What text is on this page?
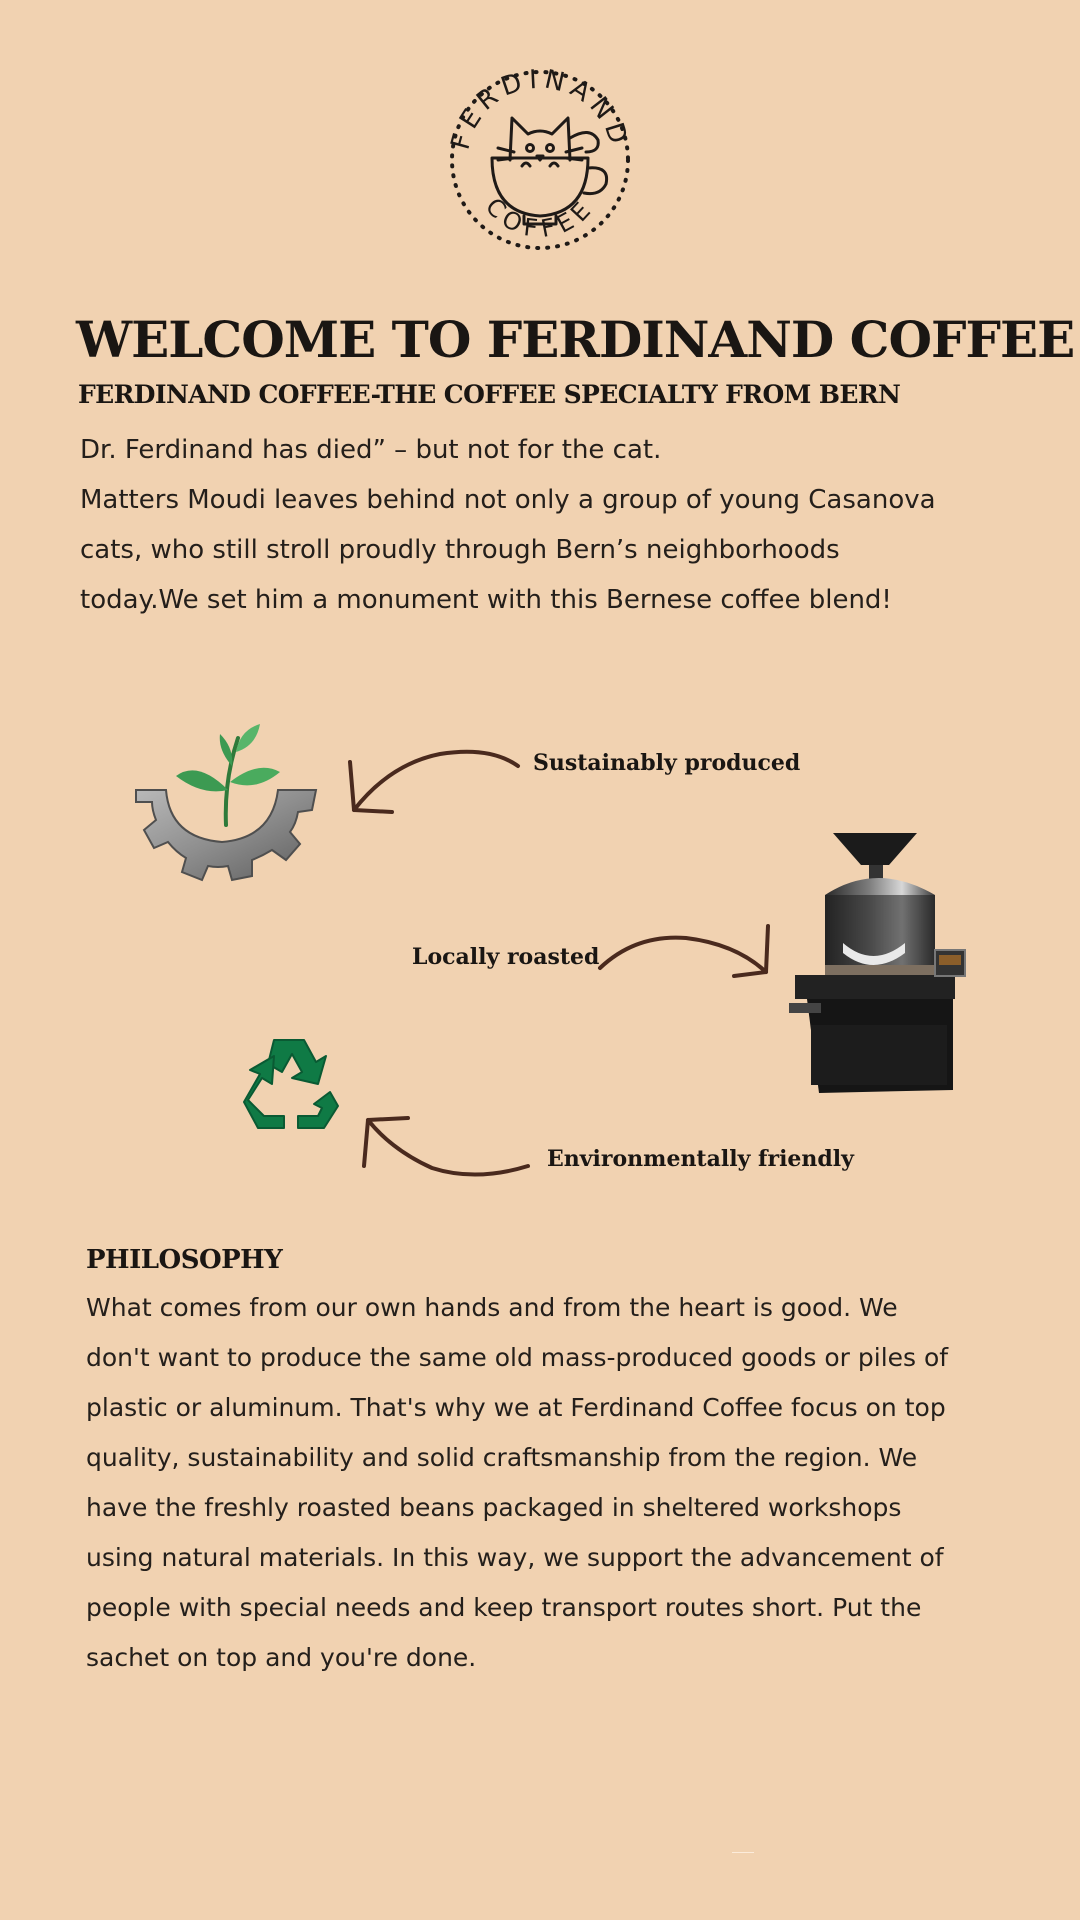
FERDINAND
COFFEE
WELCOME TO FERDINAND COFFEE
FERDINAND COFFEE-THE COFFEE SPECIALTY FROM BERN

Dr. Ferdinand has died” – but not for the cat.

Matters Moudi leaves behind not only a group of young Casanova cats, who still stroll proudly through Bern’s neighborhoods today.We set him a monument with this Bernese coffee blend!

Sustainably produced
Locally roasted
Environmentally friendly
PHILOSOPHY

What comes from our own hands and from the heart is good. We don't want to produce the same old mass-produced goods or piles of plastic or aluminum. That's why we at Ferdinand Coffee focus on top quality, sustainability and solid craftsmanship from the region. We have the freshly roasted beans packaged in sheltered workshops using natural materials. In this way, we support the advancement of people with special needs and keep transport routes short. Put the sachet on top and you're done.
